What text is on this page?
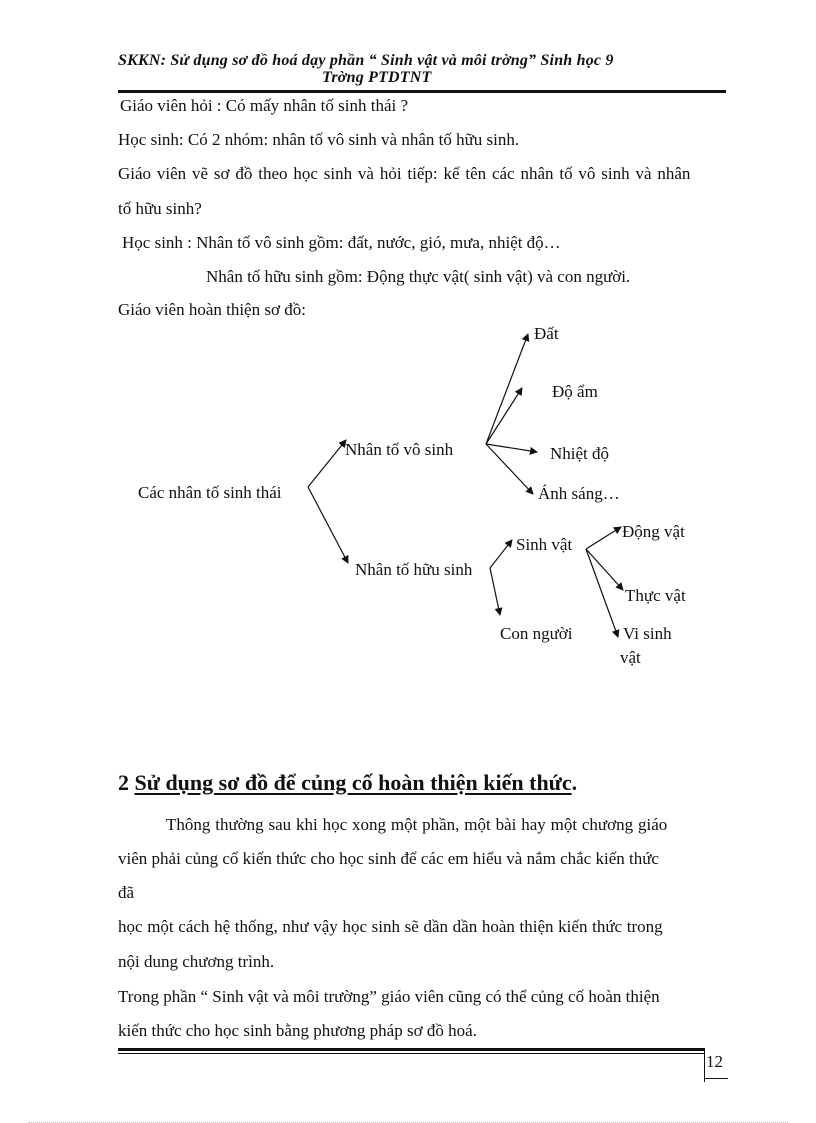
SKKN: Sử dụng sơ đồ hoá dạy phần “ Sinh vật và môi trờng” Sinh học 9
Trờng PTDTNT
Giáo viên hỏi : Có mấy nhân tố sinh thái ?
Học sinh: Có 2 nhóm: nhân tố vô sinh và nhân tố hữu sinh.
Giáo viên vẽ sơ đồ theo học sinh và hỏi tiếp: kể tên các nhân tố vô sinh và nhân
tố hữu sinh?
Học sinh : Nhân tố vô sinh gồm: đất, nước, gió, mưa, nhiệt độ…
Nhân tố hữu sinh gồm: Động thực vật( sinh vật) và con người.
Giáo viên hoàn thiện sơ đồ:
Các nhân tố sinh thái
Nhân tố vô sinh
Nhân tố hữu sinh
Đất
Độ ẩm
Nhiệt độ
Ánh sáng…
Sinh vật
Con người
Động vật
Thực vật
Vi sinh
vật
2 Sử dụng sơ đồ để củng cố hoàn thiện kiến thức.
Thông thường sau khi học xong một phần, một bài hay một chương giáo
viên phải củng cố kiến thức cho học sinh để các em hiểu và nắm chắc kiến thức
đã
học một cách hệ thống, như vậy học sinh sẽ dần dần hoàn thiện kiến thức trong
nội dung chương trình.
Trong phần “ Sinh vật và môi trường” giáo viên cũng có thể củng cố hoàn thiện
kiến thức cho học sinh bằng phương pháp sơ đồ hoá.
12
